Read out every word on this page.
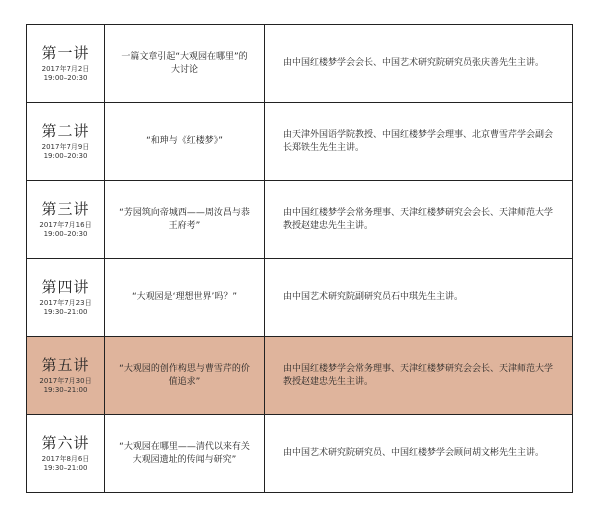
第一讲
2017年7月2日
19:00–20:30
一篇文章引起“大观园在哪里”的大讨论
由中国红楼梦学会会长、中国艺术研究院研究员张庆善先生主讲。
第二讲
2017年7月9日
19:00–20:30
“和珅与《红楼梦》”
由天津外国语学院教授、中国红楼梦学会理事、北京曹雪芹学会副会长郑铁生先生主讲。
第三讲
2017年7月16日
19:00–20:30
“芳园筑向帝城西——周汝昌与恭王府考”
由中国红楼梦学会常务理事、天津红楼梦研究会会长、天津师范大学教授赵建忠先生主讲。
第四讲
2017年7月23日
19:30–21:00
“大观园是‘理想世界’吗？”	由中国艺术研究院副研究员石中琪先生主讲。
第五讲
2017年7月30日
19:30–21:00
“大观园的创作构思与曹雪芹的价值追求”
由中国红楼梦学会常务理事、天津红楼梦研究会会长、天津师范大学教授赵建忠先生主讲。
第六讲
2017年8月6日
19:30–21:00
“大观园在哪里——清代以来有关大观园遗址的传闻与研究”
由中国艺术研究院研究员、中国红楼梦学会顾问胡文彬先生主讲。
